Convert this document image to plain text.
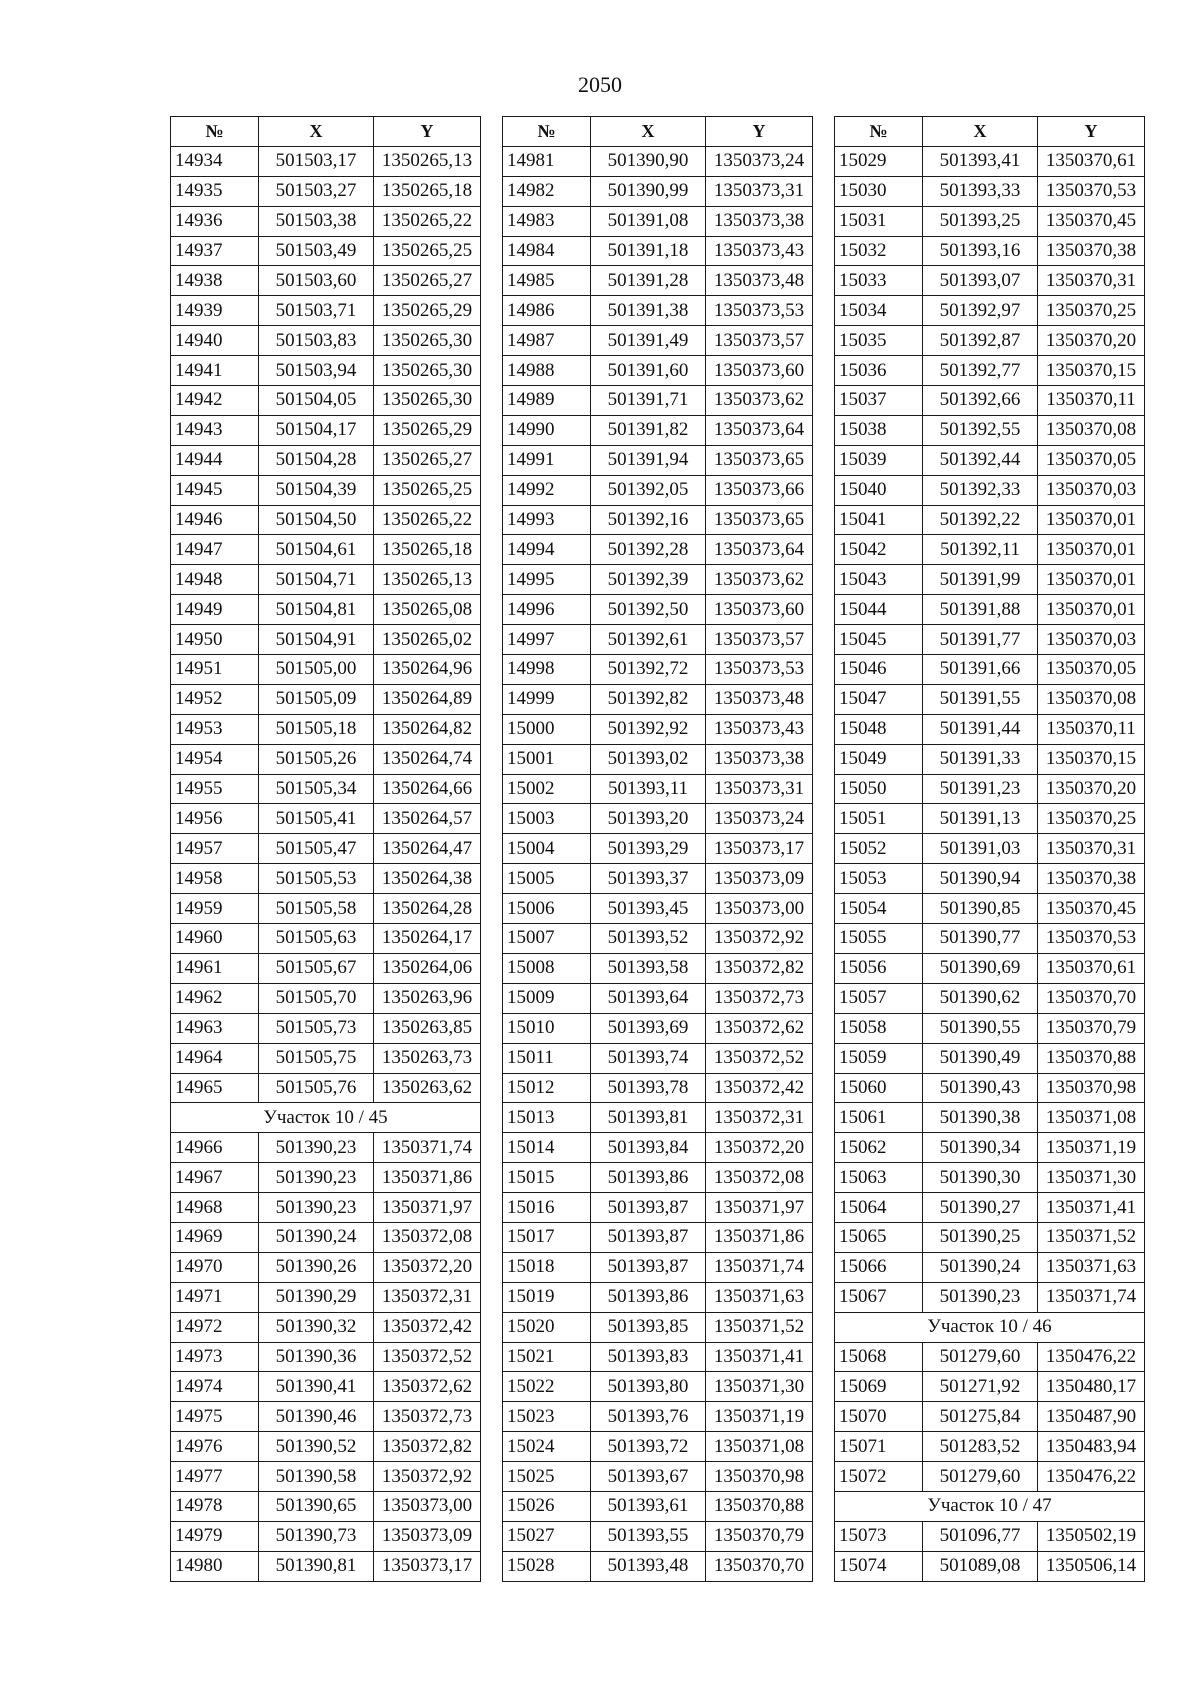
2050
№	X	Y
14934	501503,17	1350265,13
14935	501503,27	1350265,18
14936	501503,38	1350265,22
14937	501503,49	1350265,25
14938	501503,60	1350265,27
14939	501503,71	1350265,29
14940	501503,83	1350265,30
14941	501503,94	1350265,30
14942	501504,05	1350265,30
14943	501504,17	1350265,29
14944	501504,28	1350265,27
14945	501504,39	1350265,25
14946	501504,50	1350265,22
14947	501504,61	1350265,18
14948	501504,71	1350265,13
14949	501504,81	1350265,08
14950	501504,91	1350265,02
14951	501505,00	1350264,96
14952	501505,09	1350264,89
14953	501505,18	1350264,82
14954	501505,26	1350264,74
14955	501505,34	1350264,66
14956	501505,41	1350264,57
14957	501505,47	1350264,47
14958	501505,53	1350264,38
14959	501505,58	1350264,28
14960	501505,63	1350264,17
14961	501505,67	1350264,06
14962	501505,70	1350263,96
14963	501505,73	1350263,85
14964	501505,75	1350263,73
14965	501505,76	1350263,62
Участок 10 / 45		
14966	501390,23	1350371,74
14967	501390,23	1350371,86
14968	501390,23	1350371,97
14969	501390,24	1350372,08
14970	501390,26	1350372,20
14971	501390,29	1350372,31
14972	501390,32	1350372,42
14973	501390,36	1350372,52
14974	501390,41	1350372,62
14975	501390,46	1350372,73
14976	501390,52	1350372,82
14977	501390,58	1350372,92
14978	501390,65	1350373,00
14979	501390,73	1350373,09
14980	501390,81	1350373,17
№	X	Y
14981	501390,90	1350373,24
14982	501390,99	1350373,31
14983	501391,08	1350373,38
14984	501391,18	1350373,43
14985	501391,28	1350373,48
14986	501391,38	1350373,53
14987	501391,49	1350373,57
14988	501391,60	1350373,60
14989	501391,71	1350373,62
14990	501391,82	1350373,64
14991	501391,94	1350373,65
14992	501392,05	1350373,66
14993	501392,16	1350373,65
14994	501392,28	1350373,64
14995	501392,39	1350373,62
14996	501392,50	1350373,60
14997	501392,61	1350373,57
14998	501392,72	1350373,53
14999	501392,82	1350373,48
15000	501392,92	1350373,43
15001	501393,02	1350373,38
15002	501393,11	1350373,31
15003	501393,20	1350373,24
15004	501393,29	1350373,17
15005	501393,37	1350373,09
15006	501393,45	1350373,00
15007	501393,52	1350372,92
15008	501393,58	1350372,82
15009	501393,64	1350372,73
15010	501393,69	1350372,62
15011	501393,74	1350372,52
15012	501393,78	1350372,42
15013	501393,81	1350372,31
15014	501393,84	1350372,20
15015	501393,86	1350372,08
15016	501393,87	1350371,97
15017	501393,87	1350371,86
15018	501393,87	1350371,74
15019	501393,86	1350371,63
15020	501393,85	1350371,52
15021	501393,83	1350371,41
15022	501393,80	1350371,30
15023	501393,76	1350371,19
15024	501393,72	1350371,08
15025	501393,67	1350370,98
15026	501393,61	1350370,88
15027	501393,55	1350370,79
15028	501393,48	1350370,70
№	X	Y
15029	501393,41	1350370,61
15030	501393,33	1350370,53
15031	501393,25	1350370,45
15032	501393,16	1350370,38
15033	501393,07	1350370,31
15034	501392,97	1350370,25
15035	501392,87	1350370,20
15036	501392,77	1350370,15
15037	501392,66	1350370,11
15038	501392,55	1350370,08
15039	501392,44	1350370,05
15040	501392,33	1350370,03
15041	501392,22	1350370,01
15042	501392,11	1350370,01
15043	501391,99	1350370,01
15044	501391,88	1350370,01
15045	501391,77	1350370,03
15046	501391,66	1350370,05
15047	501391,55	1350370,08
15048	501391,44	1350370,11
15049	501391,33	1350370,15
15050	501391,23	1350370,20
15051	501391,13	1350370,25
15052	501391,03	1350370,31
15053	501390,94	1350370,38
15054	501390,85	1350370,45
15055	501390,77	1350370,53
15056	501390,69	1350370,61
15057	501390,62	1350370,70
15058	501390,55	1350370,79
15059	501390,49	1350370,88
15060	501390,43	1350370,98
15061	501390,38	1350371,08
15062	501390,34	1350371,19
15063	501390,30	1350371,30
15064	501390,27	1350371,41
15065	501390,25	1350371,52
15066	501390,24	1350371,63
15067	501390,23	1350371,74
Участок 10 / 46		
15068	501279,60	1350476,22
15069	501271,92	1350480,17
15070	501275,84	1350487,90
15071	501283,52	1350483,94
15072	501279,60	1350476,22
Участок 10 / 47		
15073	501096,77	1350502,19
15074	501089,08	1350506,14
